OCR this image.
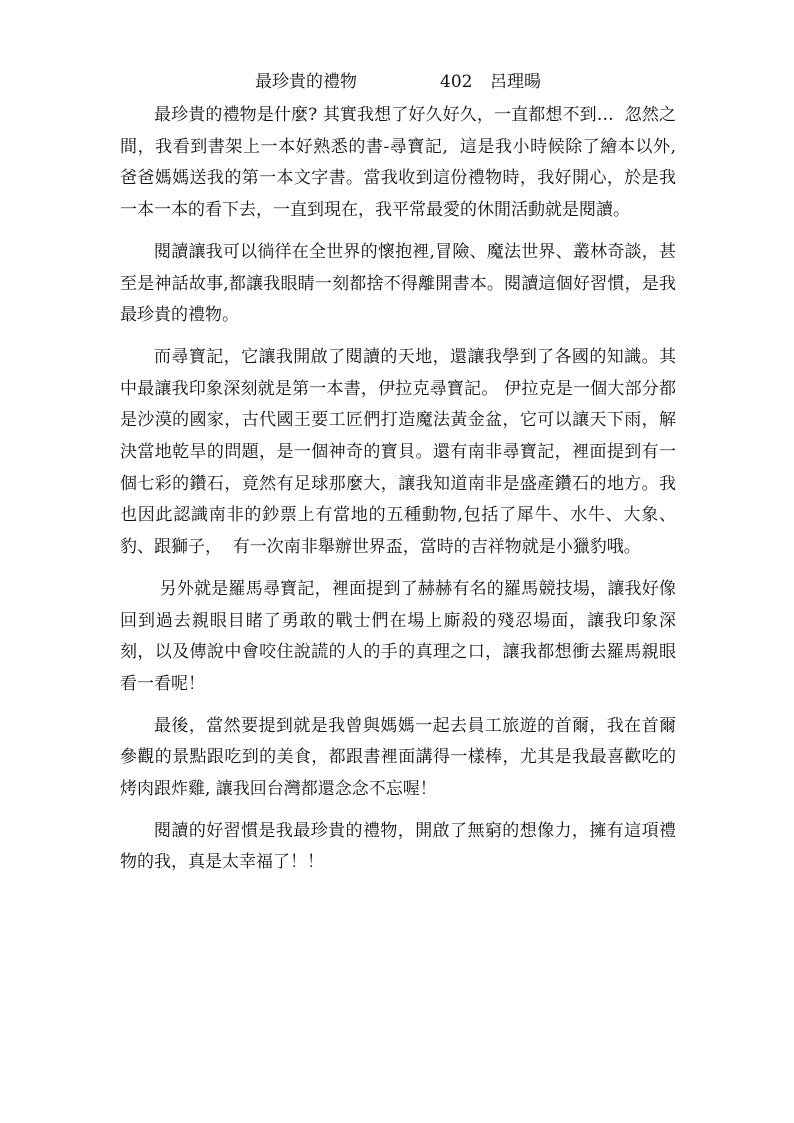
最珍貴的禮物	402 呂理暘

最珍貴的禮物是什麼? 其實我想了好久好久，一直都想不到…  忽然之間，我看到書架上一本好熟悉的書-尋寶記,  這是我小時候除了繪本以外,  爸爸媽媽送我的第一本文字書。當我收到這份禮物時，我好開心，於是我一本一本的看下去，一直到現在，我平常最愛的休閒活動就是閱讀。

閱讀讓我可以徜徉在全世界的懷抱裡,冒險、魔法世界、叢林奇談，甚至是神話故事,都讓我眼睛一刻都捨不得離開書本。閱讀這個好習慣，是我最珍貴的禮物。

而尋寶記，它讓我開啟了閱讀的天地，還讓我學到了各國的知識。其中最讓我印象深刻就是第一本書，伊拉克尋寶記。 伊拉克是一個大部分都是沙漠的國家，古代國王要工匠們打造魔法黃金盆，它可以讓天下雨，解決當地乾旱的問題，是一個神奇的寶貝。還有南非尋寶記，裡面提到有一個七彩的鑽石，竟然有足球那麼大，讓我知道南非是盛產鑽石的地方。我也因此認識南非的鈔票上有當地的五種動物,包括了犀牛、水牛、大象、豹、跟獅子，  有一次南非舉辦世界盃，當時的吉祥物就是小獵豹哦。

另外就是羅馬尋寶記，裡面提到了赫赫有名的羅馬競技場，讓我好像回到過去親眼目睹了勇敢的戰士們在場上廝殺的殘忍場面，讓我印象深刻，以及傳說中會咬住說謊的人的手的真理之口，讓我都想衝去羅馬親眼看一看呢！

最後，當然要提到就是我曾與媽媽一起去員工旅遊的首爾，我在首爾參觀的景點跟吃到的美食，都跟書裡面講得一樣棒，尤其是我最喜歡吃的烤肉跟炸雞, 讓我回台灣都還念念不忘喔！

閱讀的好習慣是我最珍貴的禮物，開啟了無窮的想像力，擁有這項禮物的我，真是太幸福了！！
